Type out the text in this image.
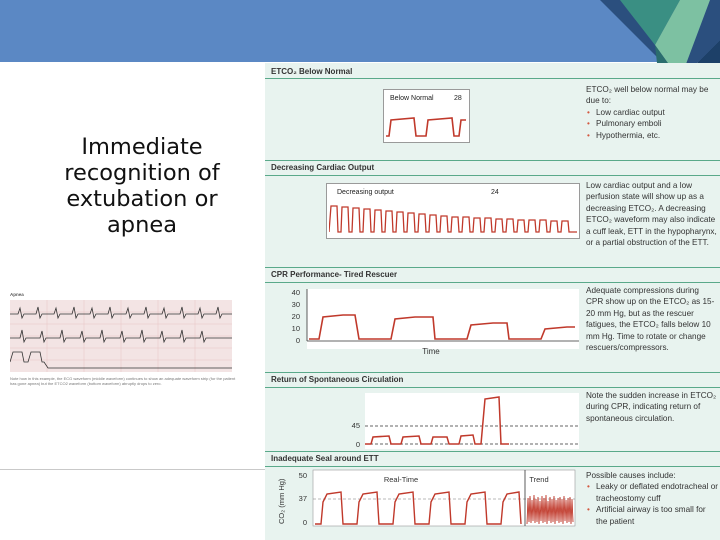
Immediate recognition of extubation or apnea
Apnea
Note how in this example, the ECG waveform (middle waveform) continues to show an adequate waveform strip (for the patient has gone apnea) but the ETCO2 waveform (bottom waveform) abruptly drops to zero.
ETCO₂ Below Normal
Below Normal	28
ETCO₂ well below normal may be due to:
• Low cardiac output
• Pulmonary emboli
• Hypothermia, etc.
Decreasing Cardiac Output
Decreasing output	24
Low cardiac output and a low perfusion state will show up as a decreasing ETCO₂. A decreasing ETCO₂ waveform may also indicate a cuff leak, ETT in the hypopharynx, or a partial obstruction of the ETT.
CPR Performance- Tired Rescuer
40
30
20
10
0
Time
Adequate compressions during CPR show up on the ETCO₂ as 15-20 mm Hg, but as the rescuer fatigues, the ETCO₂ falls below 10 mm Hg. Time to rotate or change rescuers/compressors.
Return of Spontaneous Circulation
45
0
Note the sudden increase in ETCO₂ during CPR, indicating return of spontaneous circulation.
Inadequate Seal around ETT
CO₂ (mm Hg)
50
37
0
Real-Time	Trend	Possible causes include:
• Leaky or deflated endotracheal or tracheostomy cuff
• Artificial airway is too small for the patient
